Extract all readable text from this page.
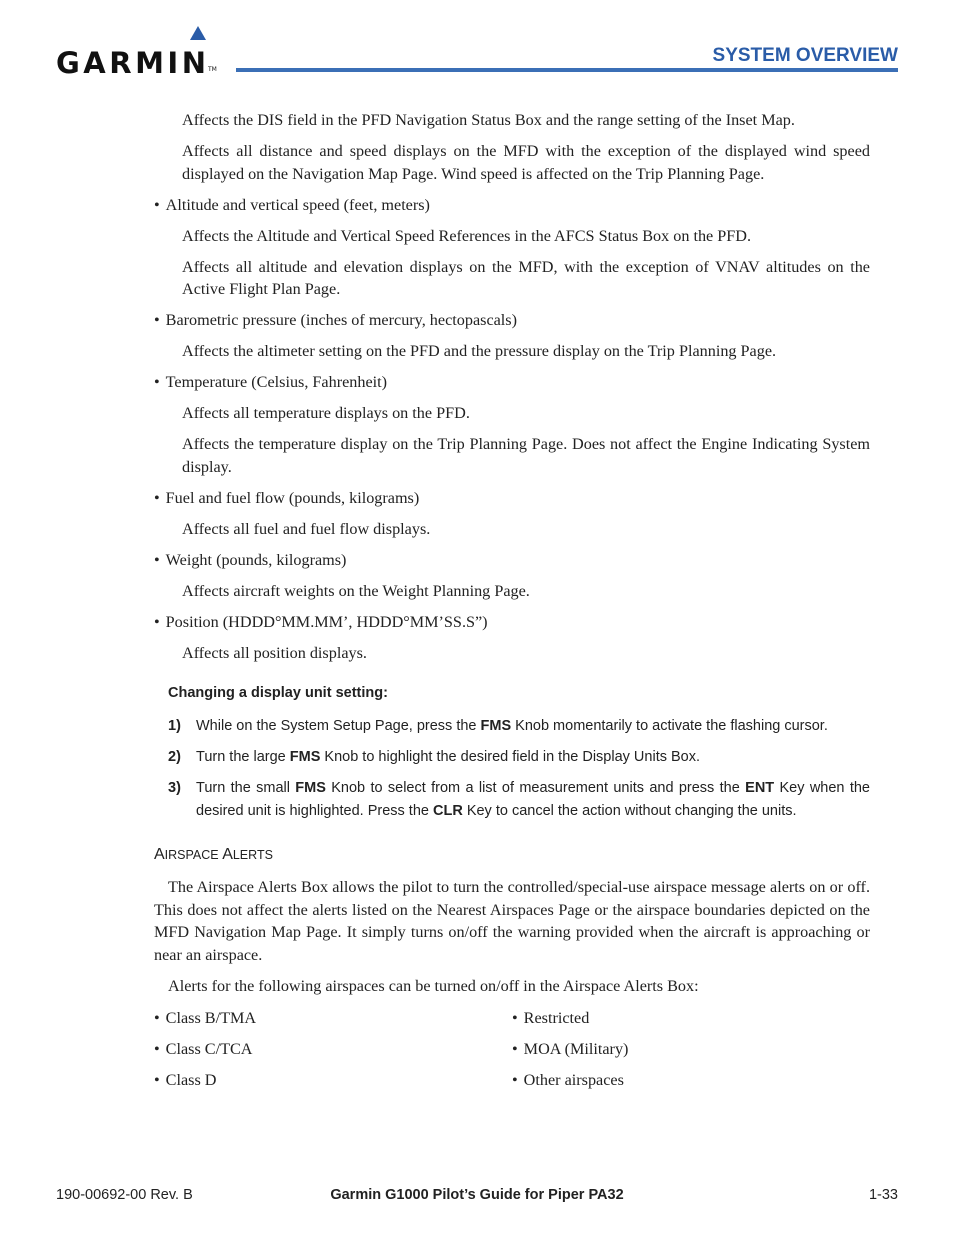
GARMIN
TM
SYSTEM OVERVIEW

Affects the DIS field in the PFD Navigation Status Box and the range setting of the Inset Map.

Affects all distance and speed displays on the MFD with the exception of the displayed wind speed displayed on the Navigation Map Page. Wind speed is affected on the Trip Planning Page.

• Altitude and vertical speed (feet, meters)

Affects the Altitude and Vertical Speed References in the AFCS Status Box on the PFD.

Affects all altitude and elevation displays on the MFD, with the exception of VNAV altitudes on the Active Flight Plan Page.

• Barometric pressure (inches of mercury, hectopascals)

Affects the altimeter setting on the PFD and the pressure display on the Trip Planning Page.

• Temperature (Celsius, Fahrenheit)

Affects all temperature displays on the PFD.

Affects the temperature display on the Trip Planning Page. Does not affect the Engine Indicating System display.

• Fuel and fuel flow (pounds, kilograms)

Affects all fuel and fuel flow displays.

• Weight (pounds, kilograms)

Affects aircraft weights on the Weight Planning Page.

• Position (HDDD°MM.MM’, HDDD°MM’SS.S”)

Affects all position displays.

Changing a display unit setting:
1)	While on the System Setup Page, press the FMS Knob momentarily to activate the flashing cursor.
2)	Turn the large FMS Knob to highlight the desired field in the Display Units Box.
3)	Turn the small FMS Knob to select from a list of measurement units and press the ENT Key when the desired unit is highlighted. Press the CLR Key to cancel the action without changing the units.
AIRSPACE ALERTS

The Airspace Alerts Box allows the pilot to turn the controlled/special-use airspace message alerts on or off. This does not affect the alerts listed on the Nearest Airspaces Page or the airspace boundaries depicted on the MFD Navigation Map Page. It simply turns on/off the warning provided when the aircraft is approaching or near an airspace.

Alerts for the following airspaces can be turned on/off in the Airspace Alerts Box:

• Class B/TMA
• Class C/TCA
• Class D
• Restricted
• MOA (Military)
• Other airspaces
190-00692-00 Rev. B	Garmin G1000 Pilot’s Guide for Piper PA32	1-33
